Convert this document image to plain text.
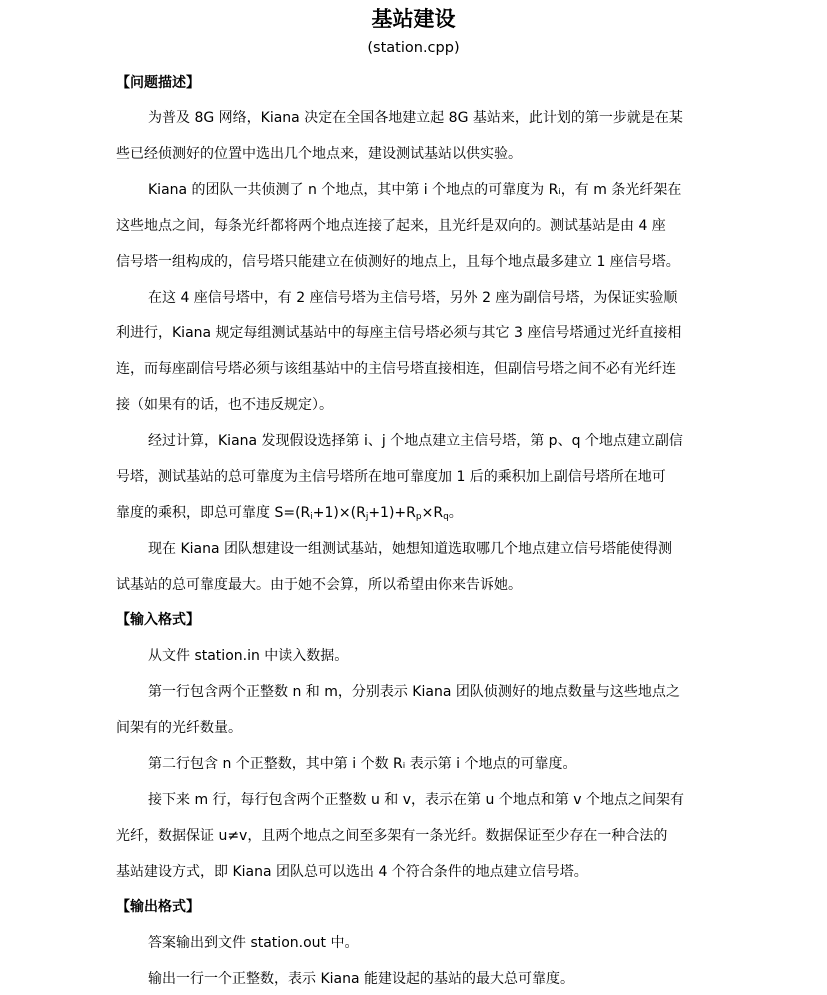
基站建设
(station.cpp)
【问题描述】
为普及 8G 网络，Kiana 决定在全国各地建立起 8G 基站来，此计划的第一步就是在某
些已经侦测好的位置中选出几个地点来，建设测试基站以供实验。
Kiana 的团队一共侦测了 n 个地点，其中第 i 个地点的可靠度为 Rᵢ，有 m 条光纤架在
这些地点之间，每条光纤都将两个地点连接了起来，且光纤是双向的。测试基站是由 4 座
信号塔一组构成的，信号塔只能建立在侦测好的地点上，且每个地点最多建立 1 座信号塔。
在这 4 座信号塔中，有 2 座信号塔为主信号塔，另外 2 座为副信号塔，为保证实验顺
利进行，Kiana 规定每组测试基站中的每座主信号塔必须与其它 3 座信号塔通过光纤直接相
连，而每座副信号塔必须与该组基站中的主信号塔直接相连，但副信号塔之间不必有光纤连
接（如果有的话，也不违反规定）。
经过计算，Kiana 发现假设选择第 i、j 个地点建立主信号塔，第 p、q 个地点建立副信
号塔，测试基站的总可靠度为主信号塔所在地可靠度加 1 后的乘积加上副信号塔所在地可
靠度的乘积，即总可靠度 $S=(R_i+1)\times(R_j+1)+R_p\times R_q$。
现在 Kiana 团队想建设一组测试基站，她想知道选取哪几个地点建立信号塔能使得测
试基站的总可靠度最大。由于她不会算，所以希望由你来告诉她。
【输入格式】
从文件 station.in 中读入数据。
第一行包含两个正整数 n 和 m，分别表示 Kiana 团队侦测好的地点数量与这些地点之
间架有的光纤数量。
第二行包含 n 个正整数，其中第 i 个数 Rᵢ 表示第 i 个地点的可靠度。
接下来 m 行，每行包含两个正整数 u 和 v，表示在第 u 个地点和第 v 个地点之间架有
光纤，数据保证 u≠v，且两个地点之间至多架有一条光纤。数据保证至少存在一种合法的
基站建设方式，即 Kiana 团队总可以选出 4 个符合条件的地点建立信号塔。
【输出格式】
答案输出到文件 station.out 中。
输出一行一个正整数，表示 Kiana 能建设起的基站的最大总可靠度。
